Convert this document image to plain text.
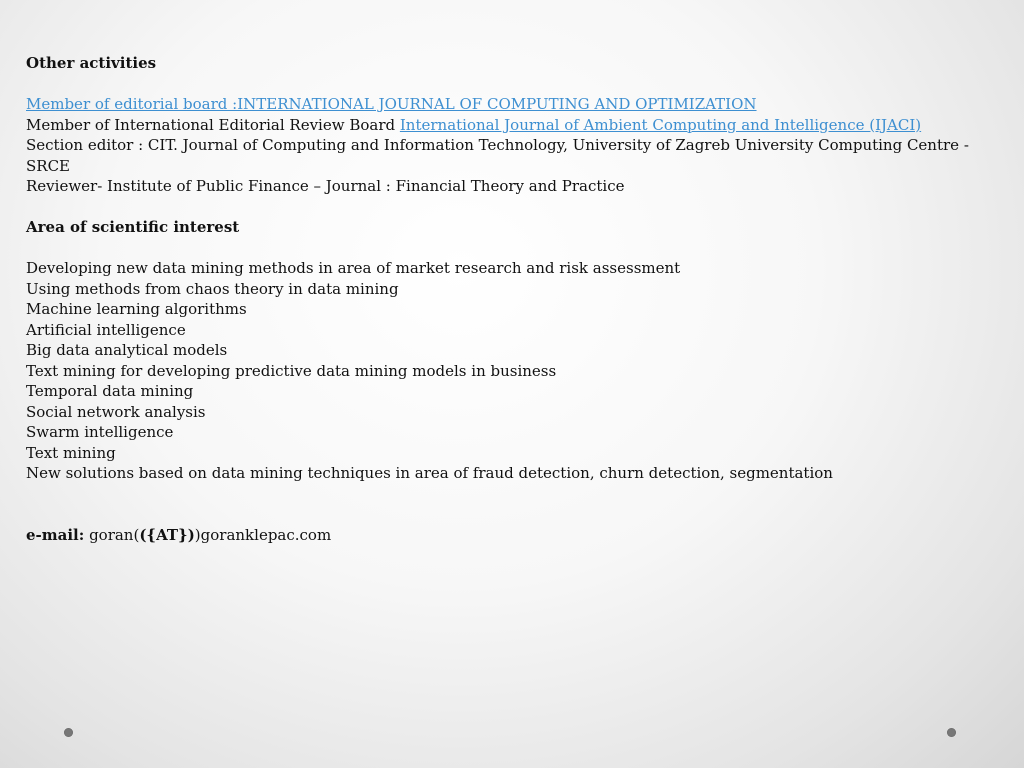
Other activities
Member of editorial board :INTERNATIONAL JOURNAL OF COMPUTING AND OPTIMIZATION
Member of International Editorial Review Board International Journal of Ambient Computing and Intelligence (IJACI)
Section editor : CIT. Journal of Computing and Information Technology, University of Zagreb University Computing Centre - SRCE
Reviewer- Institute of Public Finance – Journal : Financial Theory and Practice
Area of scientific interest
Developing new data mining methods in area of market research and risk assessment
Using methods from chaos theory in data mining
Machine learning algorithms
Artificial intelligence
Big data analytical models
Text mining for developing predictive data mining models in business
Temporal data mining
Social network analysis
Swarm intelligence
Text mining
New solutions based on data mining techniques in area of fraud detection, churn detection, segmentation
e-mail: goran(({AT}))goranklepac.com
